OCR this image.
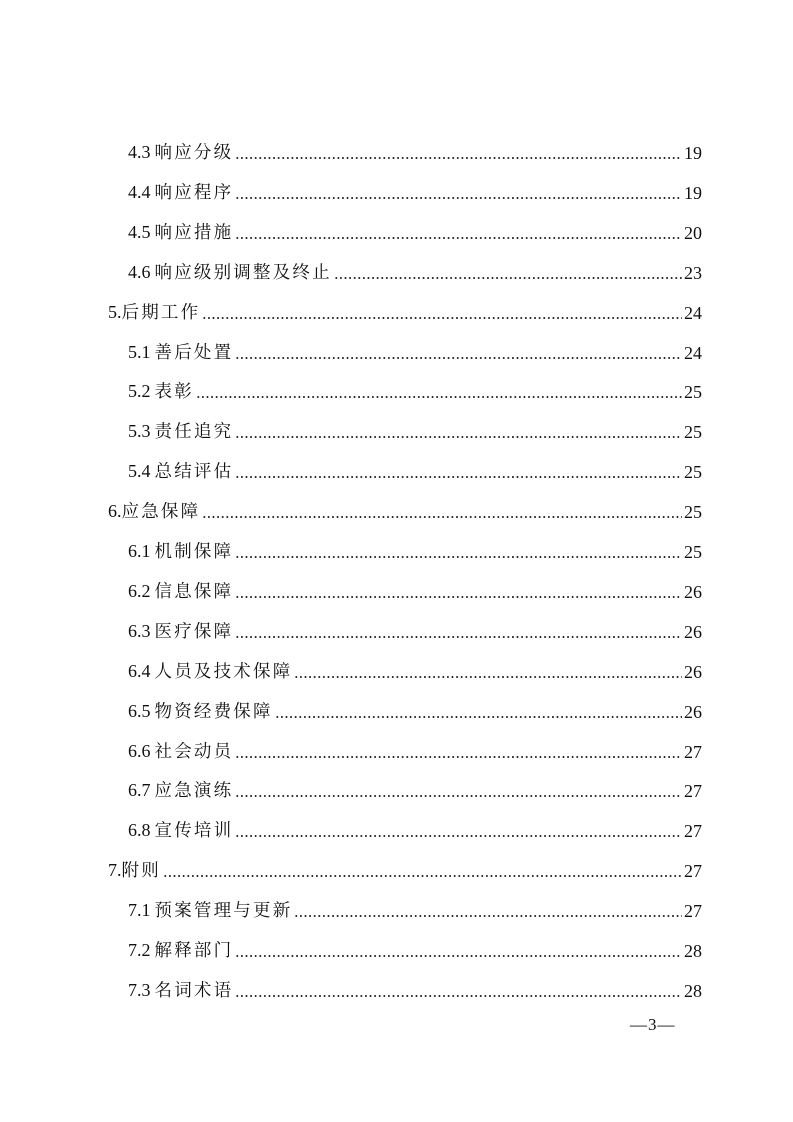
4.3 响应分级	19
4.4 响应程序	19
4.5 响应措施	20
4.6 响应级别调整及终止	23
5.后期工作	24
5.1 善后处置	24
5.2 表彰	25
5.3 责任追究	25
5.4 总结评估	25
6.应急保障	25
6.1 机制保障	25
6.2 信息保障	26
6.3 医疗保障	26
6.4 人员及技术保障	26
6.5 物资经费保障	26
6.6 社会动员	27
6.7 应急演练	27
6.8 宣传培训	27
7.附则	27
7.1 预案管理与更新	27
7.2 解释部门	28
7.3 名词术语	28
—3—
